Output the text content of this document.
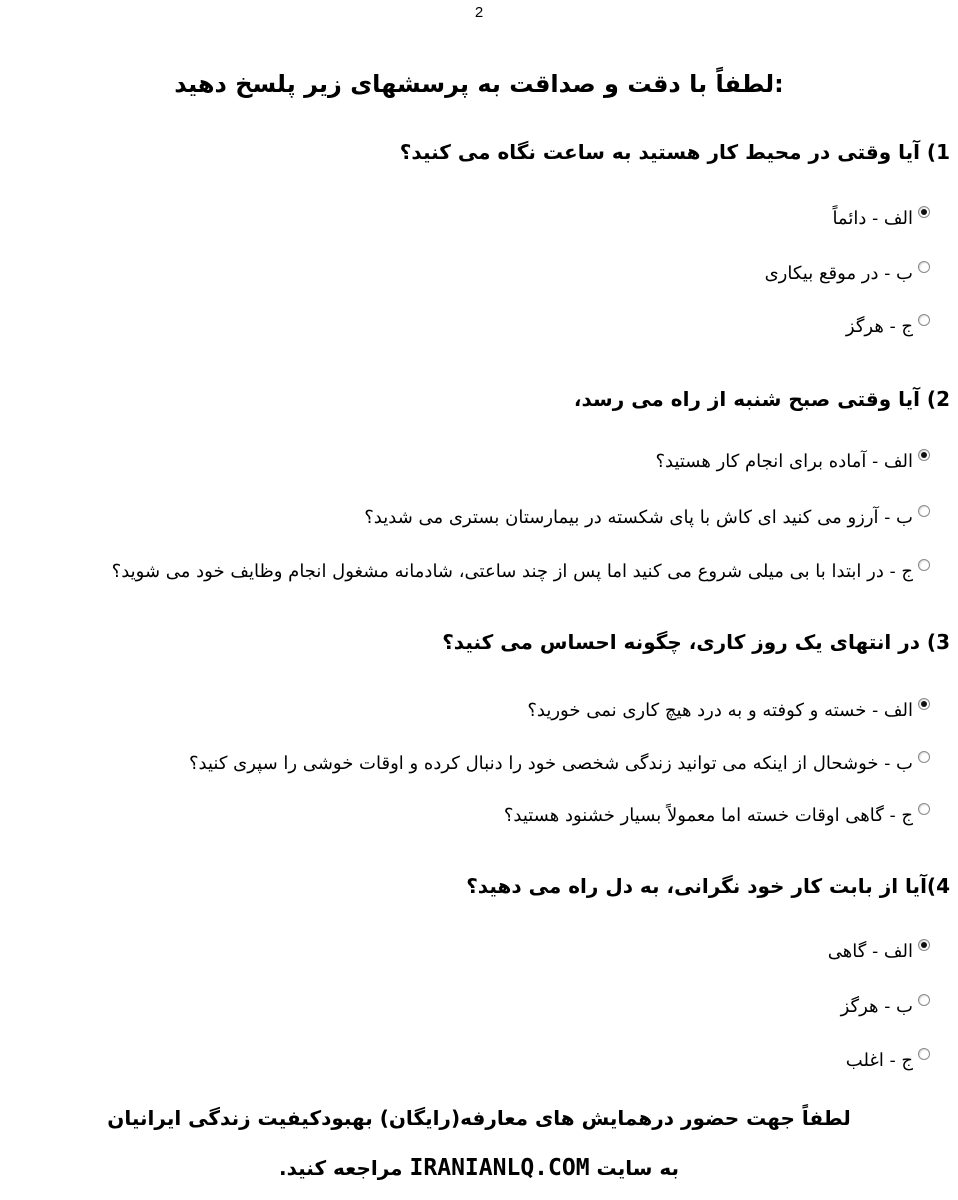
2
لطفاً با دقت و صداقت به پرسشهای زیر پلسخ دهید:
1) آیا وقتی در محیط کار هستید به ساعت نگاه می کنید؟
الف - دائماً
ب - در موقع بیکاری
ج - هرگز
2) آیا وقتی صبح شنبه از راه می رسد،
الف - آماده برای انجام کار هستید؟
ب - آرزو می کنید ای کاش با پای شکسته در بیمارستان بستری می شدید؟
ج - در ابتدا با بی میلی شروع می کنید اما پس از چند ساعتی، شادمانه مشغول انجام وظایف خود می شوید؟
3) در انتهای یک روز کاری، چگونه احساس می کنید؟
الف - خسته و کوفته و به درد هیچ کاری نمی خورید؟
ب - خوشحال از اینکه می توانید زندگی شخصی خود را دنبال کرده و اوقات خوشی را سپری کنید؟
ج - گاهی اوقات خسته اما معمولاً بسیار خشنود هستید؟
4)آیا از بابت کار خود نگرانی، به دل راه می دهید؟
الف - گاهی
ب - هرگز
ج - اغلب
لطفاً جهت حضور درهمایش های معارفه(رایگان) بهبودکیفیت زندگی ایرانیان
به سایت IRANIANLQ.COM مراجعه کنید.
